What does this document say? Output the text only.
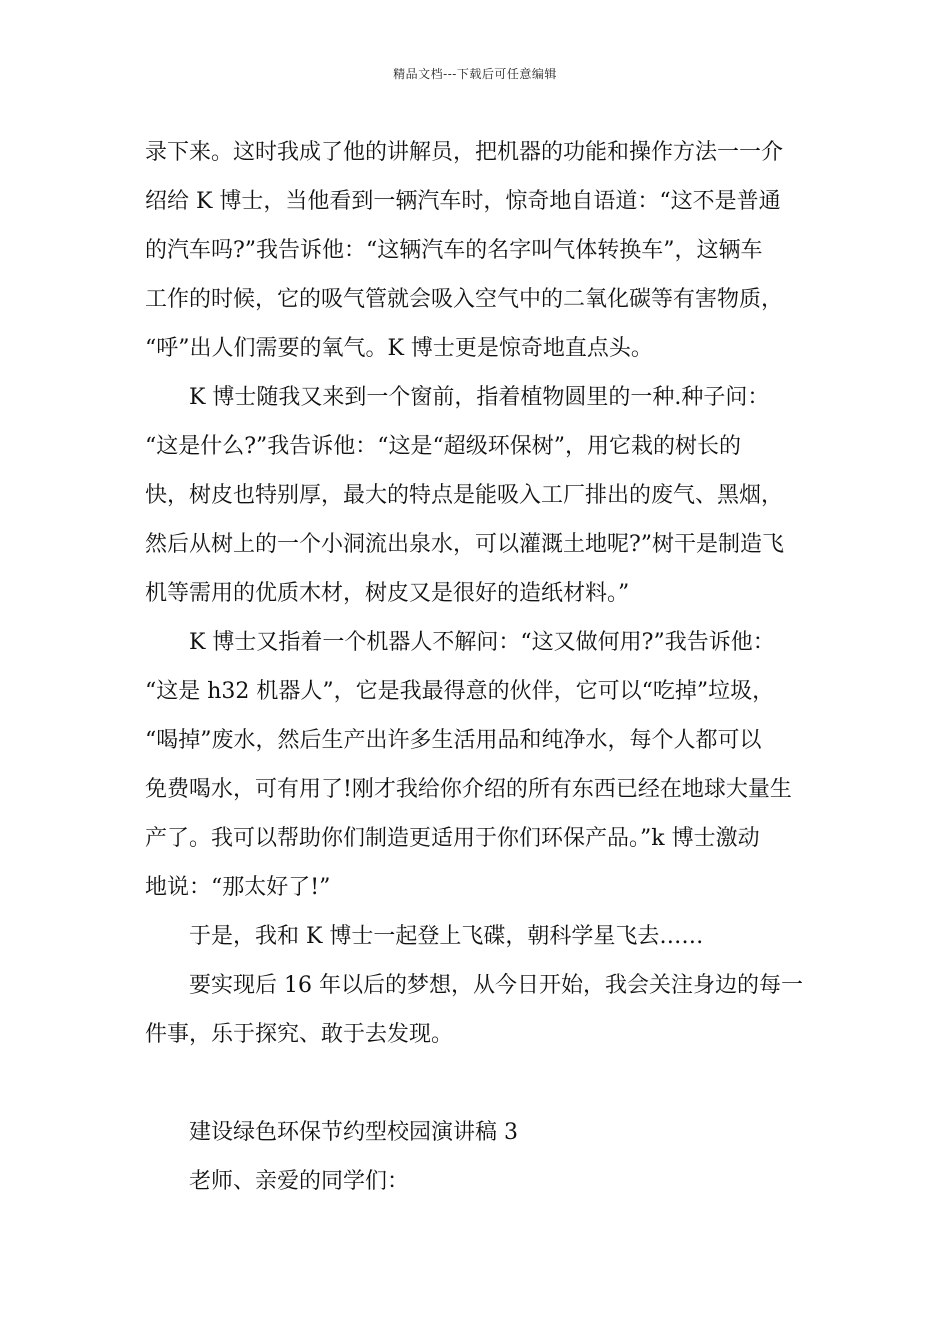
精品文档---下载后可任意编辑

录下来。这时我成了他的讲解员，把机器的功能和操作方法一一介
绍给 K 博士，当他看到一辆汽车时，惊奇地自语道：“这不是普通
的汽车吗?”我告诉他：“这辆汽车的名字叫气体转换车”，这辆车
工作的时候，它的吸气管就会吸入空气中的二氧化碳等有害物质，
“呼”出人们需要的氧气。K 博士更是惊奇地直点头。

K 博士随我又来到一个窗前，指着植物圆里的一种.种子问：
“这是什么?”我告诉他：“这是“超级环保树”，用它栽的树长的
快，树皮也特别厚，最大的特点是能吸入工厂排出的废气、黑烟，
然后从树上的一个小洞流出泉水，可以灌溉土地呢?”树干是制造飞
机等需用的优质木材，树皮又是很好的造纸材料。”

K 博士又指着一个机器人不解问：“这又做何用?”我告诉他：
“这是 h32 机器人”，它是我最得意的伙伴，它可以“吃掉”垃圾，
“喝掉”废水，然后生产出许多生活用品和纯净水，每个人都可以
免费喝水，可有用了!刚才我给你介绍的所有东西已经在地球大量生
产了。我可以帮助你们制造更适用于你们环保产品。”k 博士激动
地说：“那太好了!”

于是，我和 K 博士一起登上飞碟，朝科学星飞去……

要实现后 16 年以后的梦想，从今日开始，我会关注身边的每一
件事，乐于探究、敢于去发现。

建设绿色环保节约型校园演讲稿 3

老师、亲爱的同学们：
